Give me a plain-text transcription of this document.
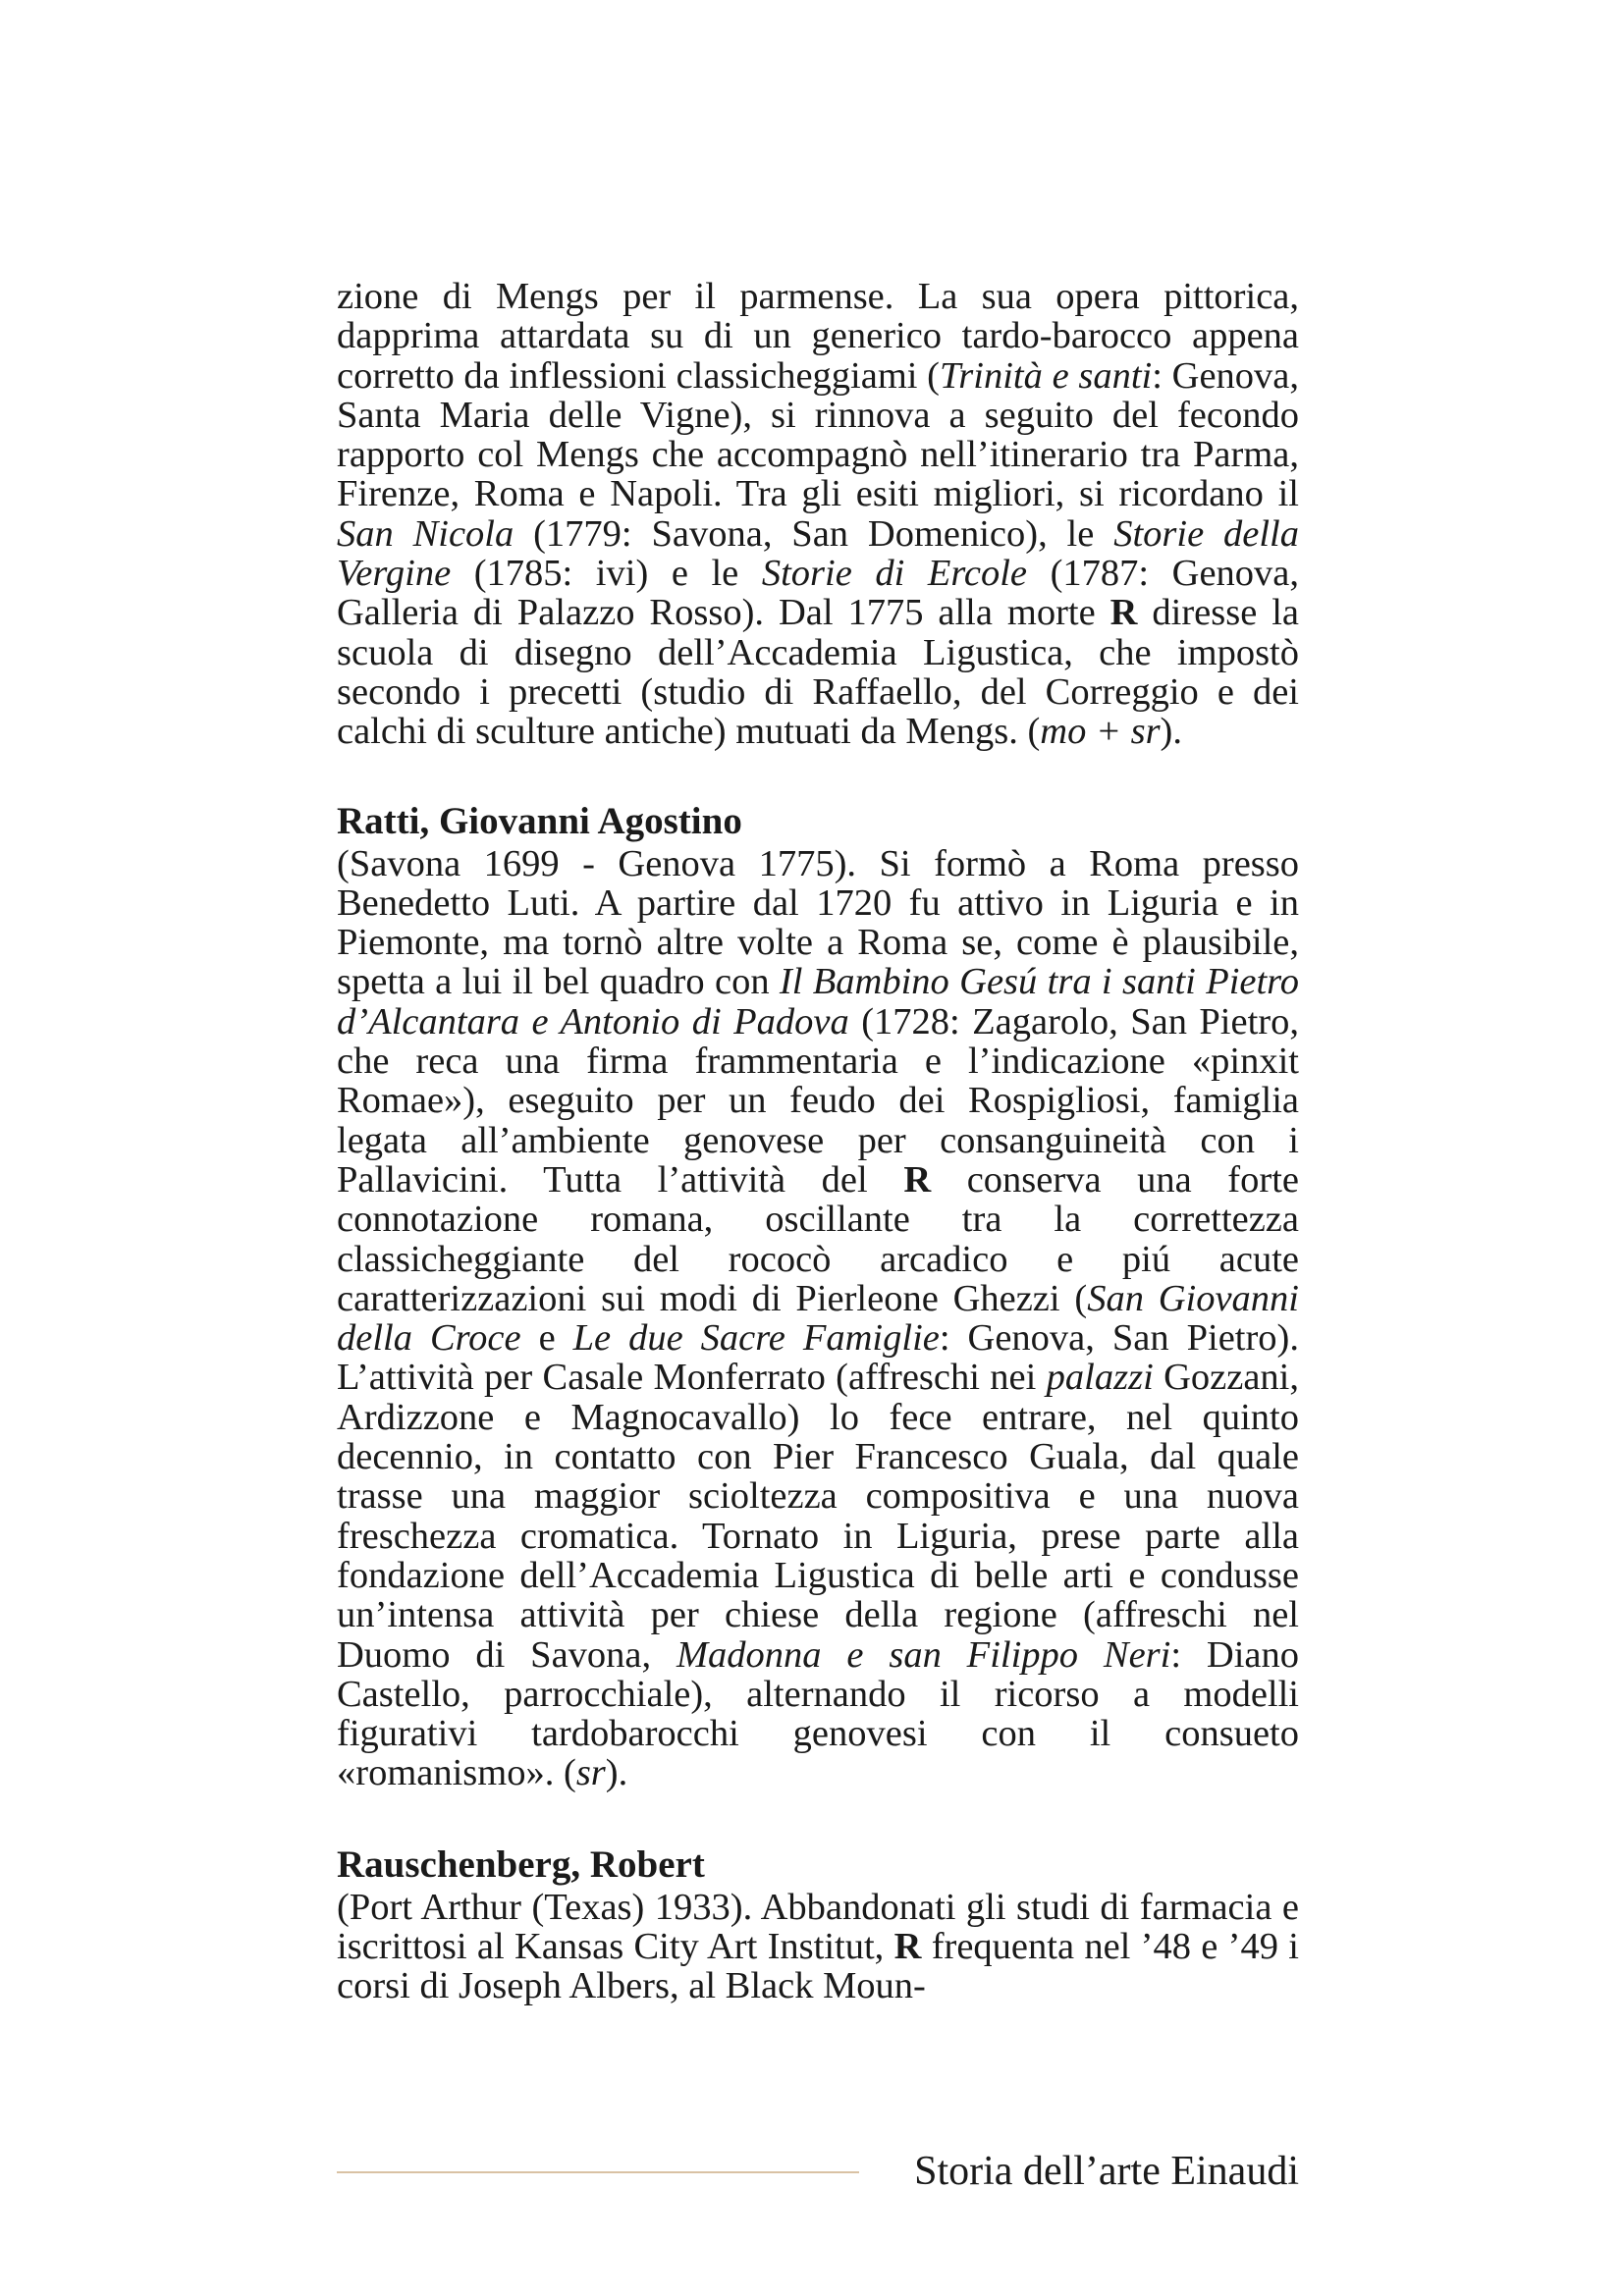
zione di Mengs per il parmense. La sua opera pittorica, dapprima attardata su di un generico tardo-barocco appena corretto da inflessioni classicheggiami (Trinità e santi: Genova, Santa Maria delle Vigne), si rinnova a seguito del fecondo rapporto col Mengs che accompagnò nell’itinerario tra Parma, Firenze, Roma e Napoli. Tra gli esiti migliori, si ricordano il San Nicola (1779: Savona, San Domenico), le Storie della Vergine (1785: ivi) e le Storie di Ercole (1787: Genova, Galleria di Palazzo Rosso). Dal 1775 alla morte R diresse la scuola di disegno dell’Accademia Ligustica, che impostò secondo i precetti (studio di Raffaello, del Correggio e dei calchi di sculture antiche) mutuati da Mengs. (mo + sr).

Ratti, Giovanni Agostino

(Savona 1699 - Genova 1775). Si formò a Roma presso Benedetto Luti. A partire dal 1720 fu attivo in Liguria e in Piemonte, ma tornò altre volte a Roma se, come è plausibile, spetta a lui il bel quadro con Il Bambino Gesú tra i santi Pietro d’Alcantara e Antonio di Padova (1728: Zagarolo, San Pietro, che reca una firma frammentaria e l’indicazione «pinxit Romae»), eseguito per un feudo dei Rospigliosi, famiglia legata all’ambiente genovese per consanguineità con i Pallavicini. Tutta l’attività del R conserva una forte connotazione romana, oscillante tra la correttezza classicheggiante del rococò arcadico e piú acute caratterizzazioni sui modi di Pierleone Ghezzi (San Giovanni della Croce e Le due Sacre Famiglie: Genova, San Pietro). L’attività per Casale Monferrato (affreschi nei palazzi Gozzani, Ardizzone e Magnocavallo) lo fece entrare, nel quinto decennio, in contatto con Pier Francesco Guala, dal quale trasse una maggior scioltezza compositiva e una nuova freschezza cromatica. Tornato in Liguria, prese parte alla fondazione dell’Accademia Ligustica di belle arti e condusse un’intensa attività per chiese della regione (affreschi nel Duomo di Savona, Madonna e san Filippo Neri: Diano Castello, parrocchiale), alternando il ricorso a modelli figurativi tardobarocchi genovesi con il consueto «romanismo». (sr).

Rauschenberg, Robert

(Port Arthur (Texas) 1933). Abbandonati gli studi di farmacia e iscrittosi al Kansas City Art Institut, R frequenta nel ’48 e ’49 i corsi di Joseph Albers, al Black Moun-

Storia dell’arte Einaudi
